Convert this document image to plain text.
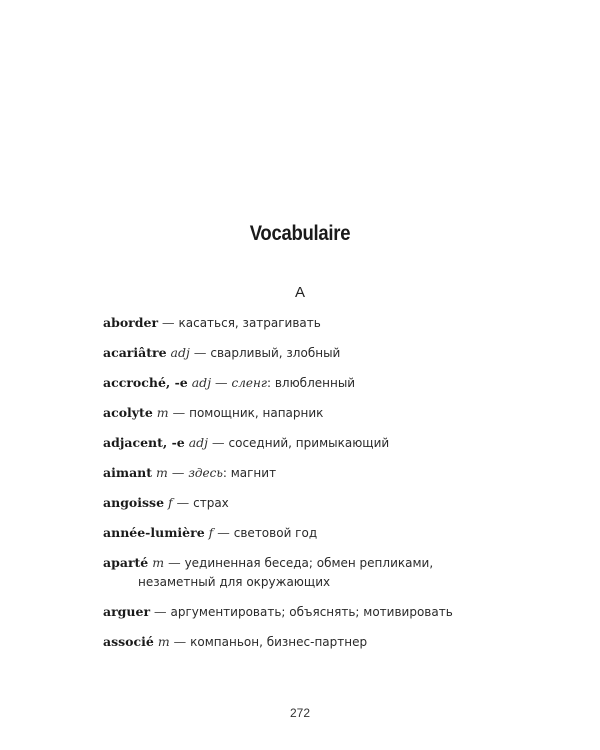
Vocabulaire
A
aborder — касаться, затрагивать
acariâtre adj — сварливый, злобный
accroché, -e adj — сленг: влюбленный
acolyte m — помощник, напарник
adjacent, -e adj — соседний, примыкающий
aimant m — здесь: магнит
angoisse f — страх
année-lumière f — световой год
aparté m — уединенная беседа; обмен репликами,
незаметный для окружающих
arguer — аргументировать; объяснять; мотивировать
associé m — компаньон, бизнес-партнер
272
